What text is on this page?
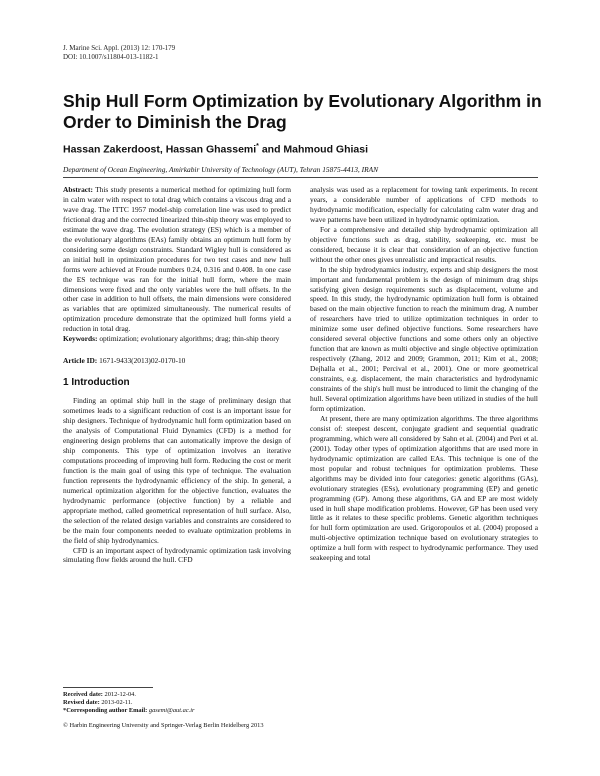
J. Marine Sci. Appl. (2013) 12: 170-179
DOI: 10.1007/s11804-013-1182-1
Ship Hull Form Optimization by Evolutionary Algorithm in Order to Diminish the Drag

Hassan Zakerdoost, Hassan Ghassemi* and Mahmoud Ghiasi

Department of Ocean Engineering, Amirkabir University of Technology (AUT), Tehran 15875-4413, IRAN

Abstract: This study presents a numerical method for optimizing hull form in calm water with respect to total drag which contains a viscous drag and a wave drag. The ITTC 1957 model-ship correlation line was used to predict frictional drag and the corrected linearized thin-ship theory was employed to estimate the wave drag. The evolution strategy (ES) which is a member of the evolutionary algorithms (EAs) family obtains an optimum hull form by considering some design constraints. Standard Wigley hull is considered as an initial hull in optimization procedures for two test cases and new hull forms were achieved at Froude numbers 0.24, 0.316 and 0.408. In one case the ES technique was ran for the initial hull form, where the main dimensions were fixed and the only variables were the hull offsets. In the other case in addition to hull offsets, the main dimensions were considered as variables that are optimized simultaneously. The numerical results of optimization procedure demonstrate that the optimized hull forms yield a reduction in total drag.

Keywords: optimization; evolutionary algorithms; drag; thin-ship theory

Article ID: 1671-9433(2013)02-0170-10

1 Introduction

Finding an optimal ship hull in the stage of preliminary design that sometimes leads to a significant reduction of cost is an important issue for ship designers. Technique of hydrodynamic hull form optimization based on the analysis of Computational Fluid Dynamics (CFD) is a method for engineering design problems that can automatically improve the design of ship components. This type of optimization involves an iterative computations proceeding of improving hull form. Reducing the cost or merit function is the main goal of using this type of technique. The evaluation function represents the hydrodynamic efficiency of the ship. In general, a numerical optimization algorithm for the objective function, evaluates the hydrodynamic performance (objective function) by a reliable and appropriate method, called geometrical representation of hull surface. Also, the selection of the related design variables and constraints are considered to be the main four components needed to evaluate optimization problems in the field of ship hydrodynamics.

CFD is an important aspect of hydrodynamic optimization task involving simulating flow fields around the hull. CFD

Received date: 2012-12-04.
Revised date: 2013-02-11.
*Corresponding author Email: gasemi@aut.ac.ir
© Harbin Engineering University and Springer-Verlag Berlin Heidelberg 2013

analysis was used as a replacement for towing tank experiments. In recent years, a considerable number of applications of CFD methods to hydrodynamic modification, especially for calculating calm water drag and wave patterns have been utilized in hydrodynamic optimization.

For a comprehensive and detailed ship hydrodynamic optimization all objective functions such as drag, stability, seakeeping, etc. must be considered, because it is clear that consideration of an objective function without the other ones gives unrealistic and impractical results.

In the ship hydrodynamics industry, experts and ship designers the most important and fundamental problem is the design of minimum drag ships satisfying given design requirements such as displacement, volume and speed. In this study, the hydrodynamic optimization hull form is obtained based on the main objective function to reach the minimum drag. A number of researchers have tried to utilize optimization techniques in order to minimize some user defined objective functions. Some researchers have considered several objective functions and some others only an objective function that are known as multi objective and single objective optimization respectively (Zhang, 2012 and 2009; Grammon, 2011; Kim et al., 2008; Dejhalla et al., 2001; Percival et al., 2001). One or more geometrical constraints, e.g. displacement, the main characteristics and hydrodynamic constraints of the ship's hull must be introduced to limit the changing of the hull. Several optimization algorithms have been utilized in studies of the hull form optimization.

At present, there are many optimization algorithms. The three algorithms consist of: steepest descent, conjugate gradient and sequential quadratic programming, which were all considered by Sahn et al. (2004) and Peri et al. (2001). Today other types of optimization algorithms that are used more in hydrodynamic optimization are called EAs. This technique is one of the most popular and robust techniques for optimization problems. These algorithms may be divided into four categories: genetic algorithms (GAs), evolutionary strategies (ESs), evolutionary programming (EP) and genetic programming (GP). Among these algorithms, GA and EP are most widely used in hull shape modification problems. However, GP has been used very little as it relates to these specific problems. Genetic algorithm techniques for hull form optimization are used. Grigoropoulos et al. (2004) proposed a multi-objective optimization technique based on evolutionary strategies to optimize a hull form with respect to hydrodynamic performance. They used seakeeping and total
